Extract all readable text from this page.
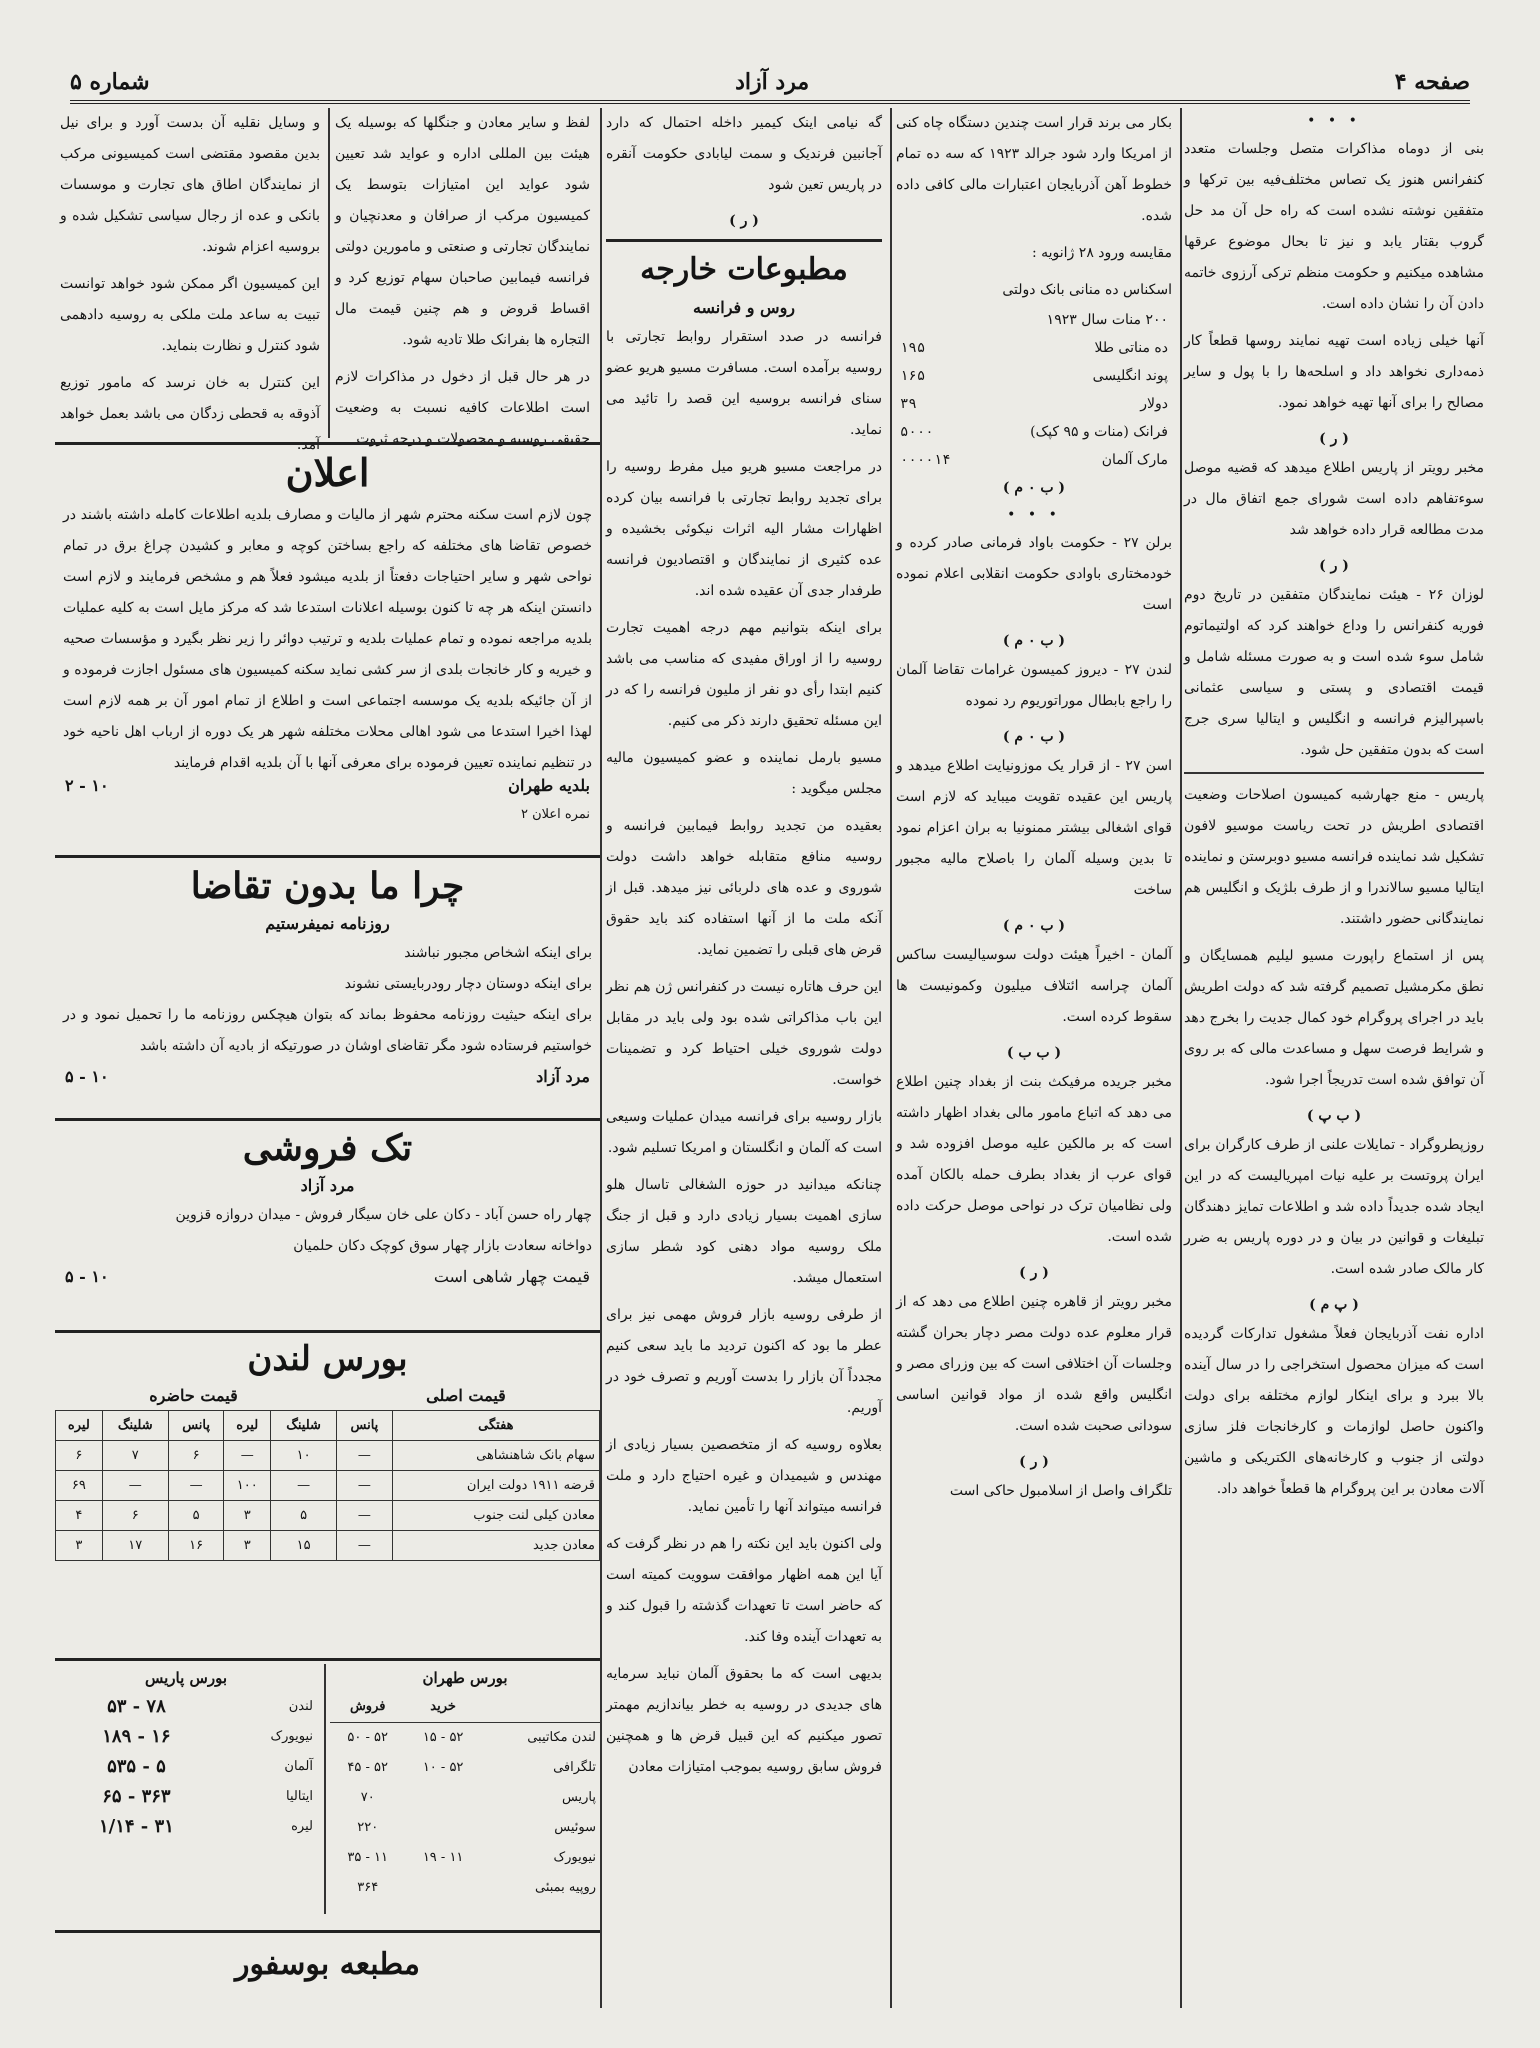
صفحه ۴
مرد آزاد
شماره ۵
• • •

بنی از دوماه مذاکرات متصل وجلسات متعدد کنفرانس هنوز یک تصاس مختلف‌فیه بین ترکها و متفقین نوشته نشده است که راه حل آن مد حل گروب بقتار یابد و نیز تا بحال موضوع عرقها مشاهده میکنیم و حکومت منظم ترکی آرزوی خاتمه دادن آن را نشان داده است.

آنها خیلی زیاده است تهیه نمایند روسها قطعاً کار ذمه‌داری نخواهد داد و اسلحه‌ها را با پول و سایر مصالح را برای آنها تهیه خواهد نمود.

( ر )

مخبر رویتر از پاریس اطلاع میدهد که قضیه موصل سوءتفاهم داده است شورای جمع اتفاق مال در مدت مطالعه قرار داده خواهد شد

( ر )

لوزان ۲۶ - هیئت نمایندگان متفقین در تاریخ دوم فوریه کنفرانس را وداع خواهند کرد که اولتیماتوم شامل سوء شده است و به صورت مسئله شامل و قیمت اقتصادی و پستی و سیاسی عثمانی باسپرالیزم فرانسه و انگلیس و ایتالیا سری جرج است که بدون متفقین حل شود.

پاریس - منع جهارشبه کمیسون اصلاحات وضعیت اقتصادی اطریش در تحت ریاست موسیو لافون تشکیل شد نماینده فرانسه مسیو دوبرستن و نماینده ایتالیا مسیو سالاندرا و از طرف بلژیک و انگلیس هم نمایندگانی حضور داشتند.

پس از استماع راپورت مسیو لیلیم همسایگان و نطق مکرمشیل تصمیم گرفته شد که دولت اطریش باید در اجرای پروگرام خود کمال جدیت را بخرج دهد و شرایط فرصت سهل و مساعدت مالی که بر روی آن توافق شده است تدریجاً اجرا شود.

( ب پ )

روزپطروگراد - تمایلات علنی از طرف کارگران برای ایران پروتست بر علیه نیات امپریالیست که در این ایجاد شده جدیداً داده شد و اطلاعات تمایز دهندگان تبلیغات و قوانین در بیان و در دوره پاریس به ضرر کار مالک صادر شده است.

( پ م )

اداره نفت آذربایجان فعلاً مشغول تدارکات گردیده است که میزان محصول استخراجی را در سال آینده بالا ببرد و برای اینکار لوازم مختلفه برای دولت واکنون حاصل لوازمات و کارخانجات فلز سازی دولتی از جنوب و کارخانه‌های الکتریکی و ماشین آلات معادن بر این پروگرام ها قطعاً خواهد داد.

بکار می برند قرار است چندین دستگاه چاه کنی از امریکا وارد شود جرالد ۱۹۲۳ که سه ده تمام خطوط آهن آذربایجان اعتبارات مالی کافی داده شده.

مقایسه ورود ۲۸ ژانویه :

اسکناس ده منانی بانک دولتی
۲۰۰ منات سال ۱۹۲۳	
ده مناتی طلا	۱۹۵
پوند انگلیسی	۱۶۵
دولار	۳۹
فرانک (منات و ۹۵ کپک)	۵۰۰۰
مارک آلمان	۰۰۰۰۱۴
( ب ۰ م )
• • •

برلن ۲۷ - حکومت باواد فرمانی صادر کرده و خودمختاری باوادی حکومت انقلابی اعلام نموده است

( ب ۰ م )

لندن ۲۷ - دیروز کمیسون غرامات تقاضا آلمان را راجع بابطال موراتوریوم رد نموده

( ب ۰ م )

اسن ۲۷ - از قرار یک موزونیایت اطلاع میدهد و پاریس این عقیده تقویت میباید که لازم است قوای اشغالی بیشتر ممنونیا به بران اعزام نمود تا بدین وسیله آلمان را باصلاح مالیه مجبور ساخت

( ب ۰ م )

آلمان - اخیراً هیئت دولت سوسیالیست ساکس آلمان چراسه ائتلاف میلیون وکمونیست ها سقوط کرده است.

( ب ب )

مخبر جریده مرفیکث بنت از بغداد چنین اطلاع می دهد که اتباع مامور مالی بغداد اظهار داشته است که بر مالکین علیه موصل افزوده شد و قوای عرب از بغداد بطرف حمله بالکان آمده ولی نظامیان ترک در نواحی موصل حرکت داده شده است.

( ر )

مخبر رویتر از قاهره چنین اطلاع می دهد که از قرار معلوم عده دولت مصر دچار بحران گشته وجلسات آن اختلافی است که بین وزرای مصر و انگلیس واقع شده از مواد قوانین اساسی سودانی صحبت شده است.

( ر )

تلگراف واصل از اسلامبول حاکی است

گه نیامی اینک کیمیر داخله احتمال که دارد آجانبین فرندیک و سمت لیابادی حکومت آنقره در پاریس تعین شود

( ر )
مطبوعات خارجه
روس و فرانسه

فرانسه در صدد استقرار روابط تجارتی با روسیه برآمده است. مسافرت مسیو هریو عضو سنای فرانسه بروسیه این قصد را تائید می نماید.

در مراجعت مسیو هریو میل مفرط روسیه را برای تجدید روابط تجارتی با فرانسه بیان کرده اظهارات مشار الیه اثرات نیکوئی بخشیده و عده کثیری از نمایندگان و اقتصادیون فرانسه طرفدار جدی آن عقیده شده اند.

برای اینکه بتوانیم مهم درجه اهمیت تجارت روسیه را از اوراق مفیدی که مناسب می باشد کنیم ابتدا رأی دو نفر از ملیون فرانسه را که در این مسئله تحقیق دارند ذکر می کنیم.

مسیو بارمل نماینده و عضو کمیسیون مالیه مجلس میگوید :

بعقیده من تجدید روابط فیمابین فرانسه و روسیه منافع متقابله خواهد داشت دولت شوروی و عده های دلربائی نیز میدهد. قبل از آنکه ملت ما از آنها استفاده کند باید حقوق قرض های قبلی را تضمین نماید.

این حرف هاتاره نیست در کنفرانس ژن هم نظر این باب مذاکراتی شده بود ولی باید در مقابل دولت شوروی خیلی احتیاط کرد و تضمینات خواست.

بازار روسیه برای فرانسه میدان عملیات وسیعی است که آلمان و انگلستان و امریکا تسلیم شود.

چنانکه میدانید در حوزه الشغالی تاسال هلو سازی اهمیت بسیار زیادی دارد و قبل از جنگ ملک روسیه مواد دهنی کود شطر سازی استعمال میشد.

از طرفی روسیه بازار فروش مهمی نیز برای عطر ما بود که اکنون تردید ما باید سعی کنیم مجدداً آن بازار را بدست آوریم و تصرف خود در آوریم.

بعلاوه روسیه که از متخصصین بسیار زیادی از مهندس و شیمیدان و غیره احتیاج دارد و ملت فرانسه میتواند آنها را تأمین نماید.

ولی اکنون باید این نکته را هم در نظر گرفت که آیا این همه اظهار موافقت سوویت کمیته است که حاضر است تا تعهدات گذشته را قبول کند و به تعهدات آینده وفا کند.

بدیهی است که ما بحقوق آلمان نباید سرمایه های جدیدی در روسیه به خطر بیاندازیم مهمتر تصور میکنیم که این قبیل قرض ها و همچنین فروش سابق روسیه بموجب امتیازات معادن

لفظ و سایر معادن و جنگلها که بوسیله یک هیئت بین المللی اداره و عواید شد تعیین شود عواید این امتیازات بتوسط یک کمیسیون مرکب از صرافان و معدنچیان و نمایندگان تجارتی و صنعتی و مامورین دولتی فرانسه فیمابین صاحبان سهام توزیع کرد و اقساط قروض و هم چنین قیمت مال التجاره ها بفرانک طلا تادیه شود.

در هر حال قبل از دخول در مذاکرات لازم است اطلاعات کافیه نسبت به وضعیت حقیقی روسیه و محصولات و درجه ثروت

و وسایل نقلیه آن بدست آورد و برای نیل بدین مقصود مقتضی است کمیسیونی مرکب از نمایندگان اطاق های تجارت و موسسات بانکی و عده از رجال سیاسی تشکیل شده و بروسیه اعزام شوند.

این کمیسیون اگر ممکن شود خواهد توانست تبیت به ساعد ملت ملکی به روسیه دادهمی شود کنترل و نظارت بنماید.

این کنترل به خان نرسد که مامور توزیع آذوقه به قحطی زدگان می باشد بعمل خواهد آمد.

اعلان
چون لازم است سکنه محترم شهر از مالیات و مصارف بلدیه اطلاعات کامله داشته باشند در خصوص تقاضا های مختلفه که راجع بساختن کوچه و معابر و کشیدن چراغ برق در تمام نواحی شهر و سایر احتیاجات دفعتاً از بلدیه میشود فعلاً هم و مشخص فرمایند و لازم است دانستن اینکه هر چه تا کنون بوسیله اعلانات استدعا شد که مرکز مایل است به کلیه عملیات بلدیه مراجعه نموده و تمام عملیات بلدیه و ترتیب دوائر را زیر نظر بگیرد و مؤسسات صحیه و خیریه و کار خانجات بلدی از سر کشی نماید سکنه کمیسیون های مسئول اجازت فرموده و از آن جائیکه بلدیه یک موسسه اجتماعی است و اطلاع از تمام امور آن بر همه لازم است لهذا اخیرا استدعا می شود اهالی محلات مختلفه شهر هر یک دوره از ارباب اهل ناحیه خود در تنظیم نماینده تعیین فرموده برای معرفی آنها با آن بلدیه اقدام فرمایند
بلدیه طهران
۲ - ۱۰
نمره اعلان ۲
چرا ما بدون تقاضا
روزنامه نمیفرستیم
برای اینکه اشخاص مجبور نباشند
برای اینکه دوستان دچار رودربایستی نشوند
برای اینکه حیثیت روزنامه محفوظ بماند که بتوان هیچکس روزنامه ما را تحمیل نمود و در خواستیم فرستاده شود مگر تقاضای اوشان در صورتیکه از بادیه آن داشته باشد
مرد آزاد
۵ - ۱۰
تک فروشی
مرد آزاد
چهار راه حسن آباد - دکان علی خان سیگار فروش - میدان دروازه قزوین
دواخانه سعادت بازار چهار سوق کوچک دکان حلمیان
قیمت چهار شاهی است
۵ - ۱۰
بورس لندن
قیمت اصلی
قیمت حاضره
هفتگی	پانس	شلینگ	لیره	پانس	شلینگ	لیره
سهام بانک شاهنشاهی	—	۱۰	—	۶	۷	۶
قرضه ۱۹۱۱ دولت ایران	—	—	۱۰۰	—	—	۶۹
معادن کیلی لنت جنوب	—	۵	۳	۵	۶	۴
معادن جدید	—	۱۵	۳	۱۶	۱۷	۳
بورس طهران
	خرید	فروش
لندن مکاتیبی	۱۵ - ۵۲	۵۰ - ۵۲
تلگرافی	۱۰ - ۵۲	۴۵ - ۵۲
پاریس		۷۰
سوئیس		۲۲۰
نیویورک	۱۹ - ۱۱	۳۵ - ۱۱
روپیه بمبئی		۳۶۴
بورس پاریس
لندن	۵۳ - ۷۸
نیویورک	۱۸۹ - ۱۶
آلمان	۵۳۵ - ۵
ایتالیا	۶۵ - ۳۶۳
لیره	۱/۱۴ - ۳۱
مطبعه بوسفور
